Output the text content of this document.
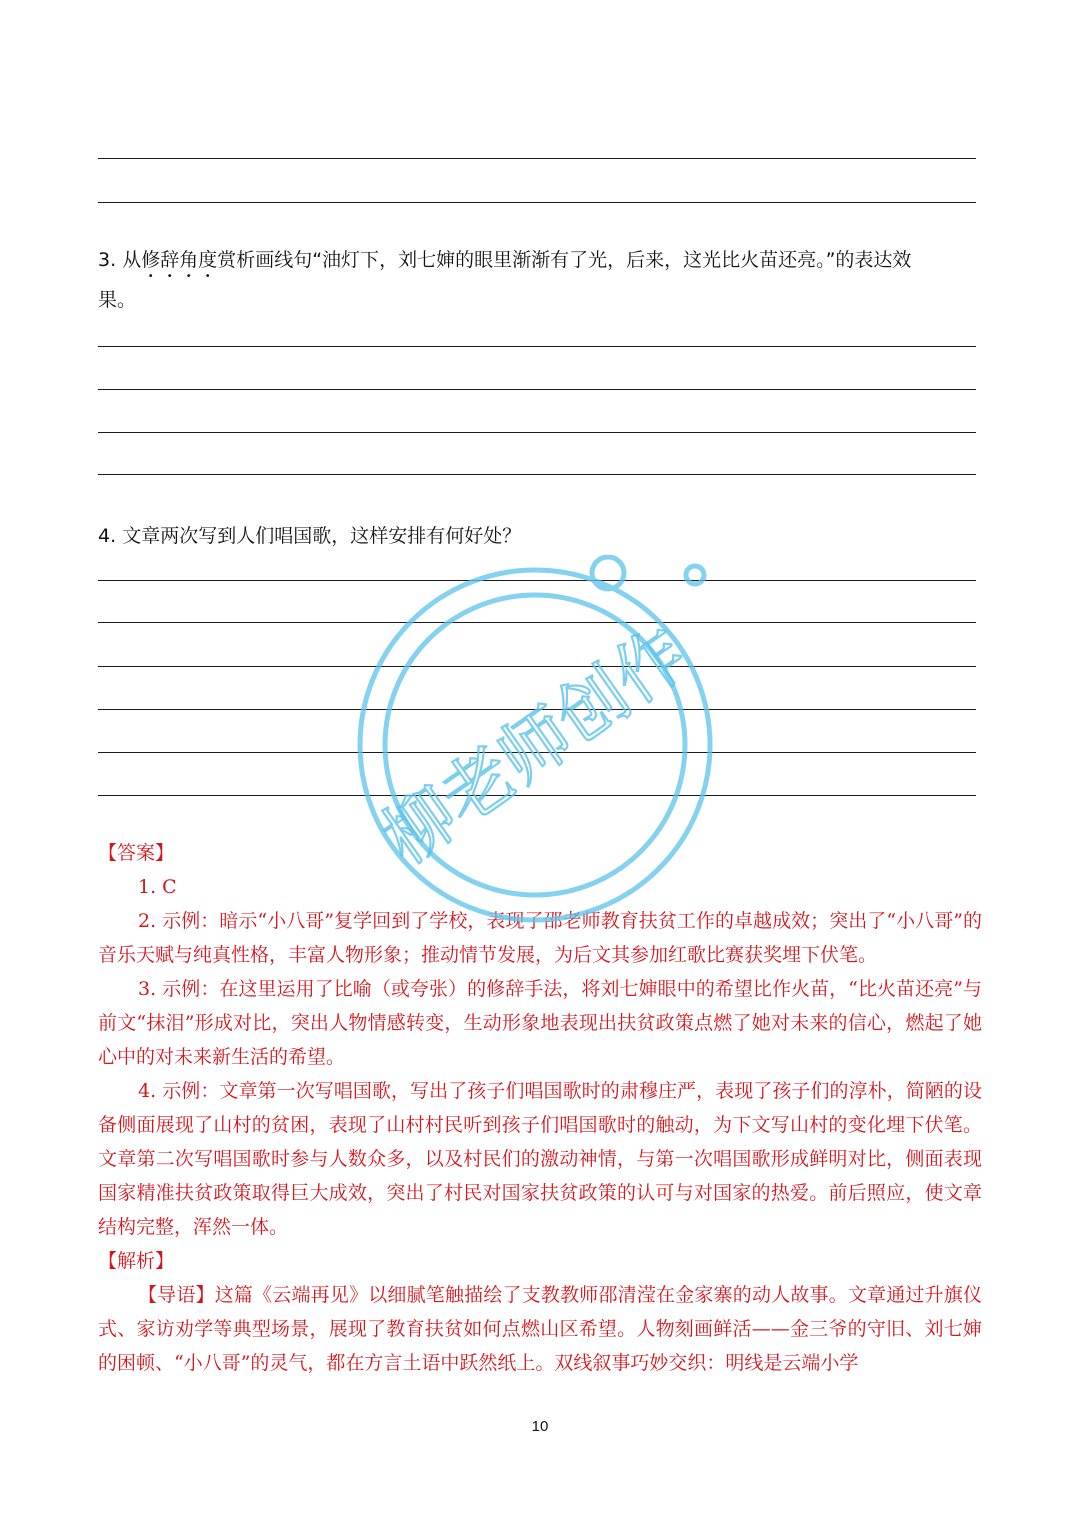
3. 从修辞角度赏析画线句“油灯下，刘七婶的眼里渐渐有了光，后来，这光比火苗还亮。”的表达效
果。
4. 文章两次写到人们唱国歌，这样安排有何好处？

【答案】

1. C

2. 示例：暗示“小八哥”复学回到了学校，表现了邵老师教育扶贫工作的卓越成效；突出了“小八哥”的音乐天赋与纯真性格，丰富人物形象；推动情节发展，为后文其参加红歌比赛获奖埋下伏笔。

3. 示例：在这里运用了比喻（或夸张）的修辞手法，将刘七婶眼中的希望比作火苗，“比火苗还亮”与前文“抹泪”形成对比，突出人物情感转变，生动形象地表现出扶贫政策点燃了她对未来的信心，燃起了她心中的对未来新生活的希望。

4. 示例：文章第一次写唱国歌，写出了孩子们唱国歌时的肃穆庄严，表现了孩子们的淳朴，简陋的设备侧面展现了山村的贫困，表现了山村村民听到孩子们唱国歌时的触动，为下文写山村的变化埋下伏笔。文章第二次写唱国歌时参与人数众多，以及村民们的激动神情，与第一次唱国歌形成鲜明对比，侧面表现国家精准扶贫政策取得巨大成效，突出了村民对国家扶贫政策的认可与对国家的热爱。前后照应，使文章结构完整，浑然一体。

【解析】

【导语】这篇《云端再见》以细腻笔触描绘了支教教师邵清滢在金家寨的动人故事。文章通过升旗仪式、家访劝学等典型场景，展现了教育扶贫如何点燃山区希望。人物刻画鲜活——金三爷的守旧、刘七婶的困顿、“小八哥”的灵气，都在方言土语中跃然纸上。双线叙事巧妙交织：明线是云端小学

柳老师创作
10
